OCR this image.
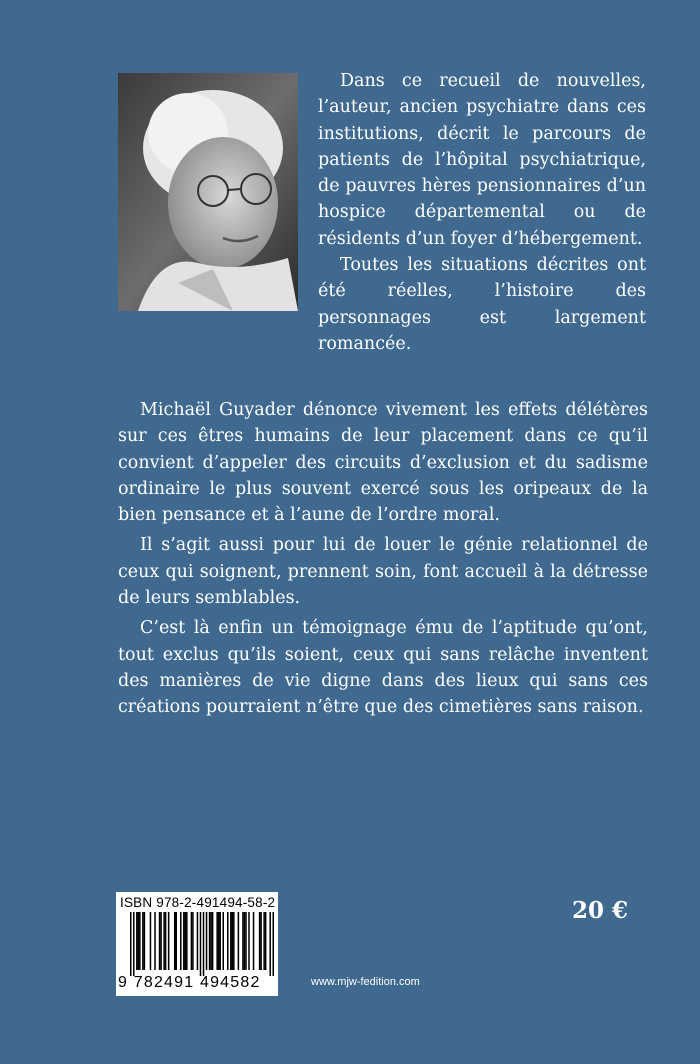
Dans ce recueil de nouvelles, l’auteur, ancien psychiatre dans ces institutions, décrit le parcours de patients de l’hôpital psychiatrique, de pauvres hères pensionnaires d’un hospice départemental ou de résidents d’un foyer d’hébergement.

Toutes les situations décrites ont été réelles, l’histoire des personnages est largement romancée.

Michaël Guyader dénonce vivement les effets délétères sur ces êtres humains de leur placement dans ce qu’il convient d’appeler des circuits d’exclusion et du sadisme ordinaire le plus souvent exercé sous les oripeaux de la bien pensance et à l’aune de l’ordre moral.

Il s’agit aussi pour lui de louer le génie relationnel de ceux qui soignent, prennent soin, font accueil à la détresse de leurs semblables.

C’est là enfin un témoignage ému de l’aptitude qu’ont, tout exclus qu’ils soient, ceux qui sans relâche inventent des manières de vie digne dans des lieux qui sans ces créations pourraient n’être que des cimetières sans raison.

ISBN 978-2-491494-58-2
9 782491 494582
20 €
www.mjw-fedition.com
